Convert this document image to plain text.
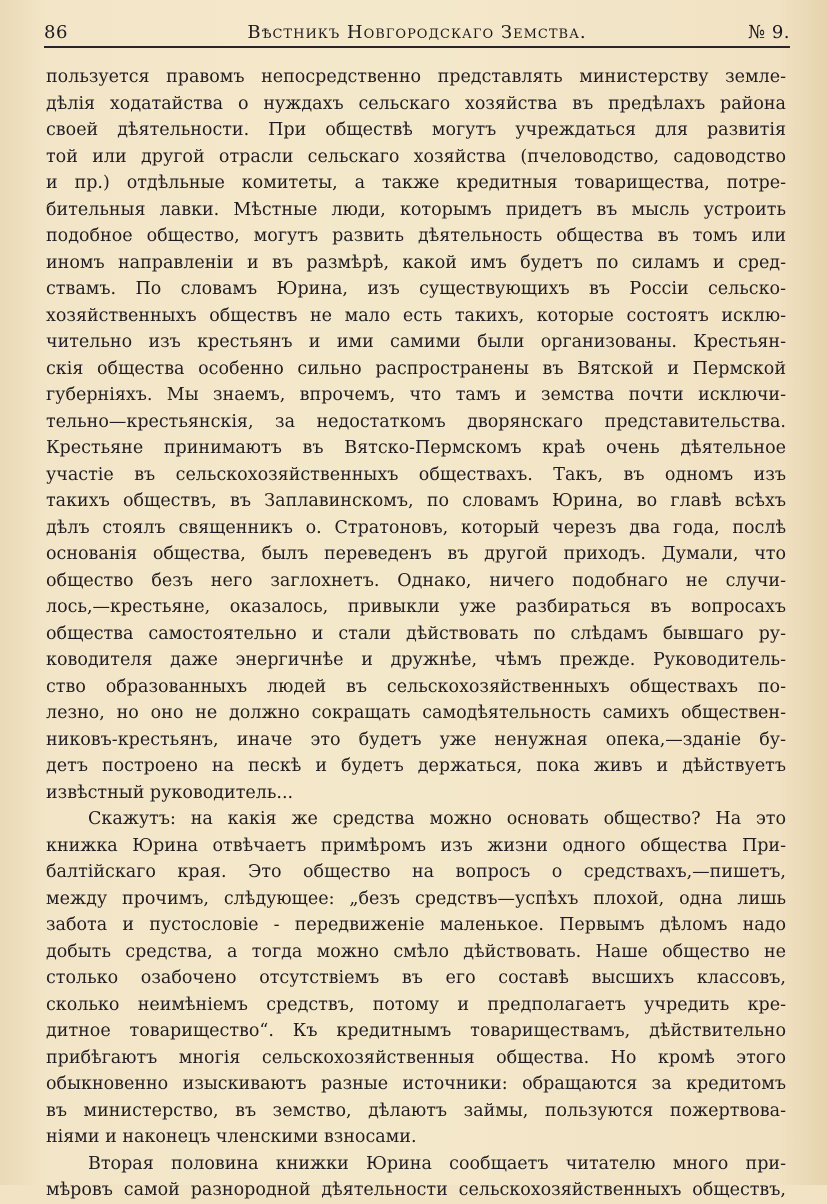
86	Вѣстникъ Новгородскаго Земства.	№ 9.
пользуется правомъ непосредственно представлять министерству земле-
дѣлія ходатайства о нуждахъ сельскаго хозяйства въ предѣлахъ района
своей дѣятельности. При обществѣ могутъ учреждаться для развитія
той или другой отрасли сельскаго хозяйства (пчеловодство, садоводство
и пр.) отдѣльные комитеты, а также кредитныя товарищества, потре-
бительныя лавки. Мѣстные люди, которымъ придетъ въ мысль устроить
подобное общество, могутъ развить дѣятельность общества въ томъ или
иномъ направленіи и въ размѣрѣ, какой имъ будетъ по силамъ и сред-
ствамъ. По словамъ Юрина, изъ существующихъ въ Россіи сельско-
хозяйственныхъ обществъ не мало есть такихъ, которые состоятъ исклю-
чительно изъ крестьянъ и ими самими были организованы. Крестьян-
скія общества особенно сильно распространены въ Вятской и Пермской
губерніяхъ. Мы знаемъ, впрочемъ, что тамъ и земства почти исключи-
тельно—крестьянскія, за недостаткомъ дворянскаго представительства.
Крестьяне принимаютъ въ Вятско-Пермскомъ краѣ очень дѣятельное
участіе въ сельскохозяйственныхъ обществахъ. Такъ, въ одномъ изъ
такихъ обществъ, въ Заплавинскомъ, по словамъ Юрина, во главѣ всѣхъ
дѣлъ стоялъ священникъ о. Стратоновъ, который черезъ два года, послѣ
основанія общества, былъ переведенъ въ другой приходъ. Думали, что
общество безъ него заглохнетъ. Однако, ничего подобнаго не случи-
лось,—крестьяне, оказалось, привыкли уже разбираться въ вопросахъ
общества самостоятельно и стали дѣйствовать по слѣдамъ бывшаго ру-
ководителя даже энергичнѣе и дружнѣе, чѣмъ прежде. Руководитель-
ство образованныхъ людей въ сельскохозяйственныхъ обществахъ по-
лезно, но оно не должно сокращать самодѣятельность самихъ обществен-
никовъ-крестьянъ, иначе это будетъ уже ненужная опека,—зданіе бу-
детъ построено на пескѣ и будетъ держаться, пока живъ и дѣйствуетъ
извѣстный руководитель...
Скажутъ: на какія же средства можно основать общество? На это
книжка Юрина отвѣчаетъ примѣромъ изъ жизни одного общества При-
балтійскаго края. Это общество на вопросъ о средствахъ,—пишетъ,
между прочимъ, слѣдующее: „безъ средствъ—успѣхъ плохой, одна лишь
забота и пустословіе - передвиженіе маленькое. Первымъ дѣломъ надо
добыть средства, а тогда можно смѣло дѣйствовать. Наше общество не
столько озабочено отсутствіемъ въ его составѣ высшихъ классовъ,
сколько неимѣніемъ средствъ, потому и предполагаетъ учредить кре-
дитное товарищество“. Къ кредитнымъ товариществамъ, дѣйствительно
прибѣгаютъ многія сельскохозяйственныя общества. Но кромѣ этого
обыкновенно изыскиваютъ разные источники: обращаются за кредитомъ
въ министерство, въ земство, дѣлаютъ займы, пользуются пожертвова-
ніями и наконецъ членскими взносами.
Вторая половина книжки Юрина сообщаетъ читателю много при-
мѣровъ самой разнородной дѣятельности сельскохозяйственныхъ обществъ,
